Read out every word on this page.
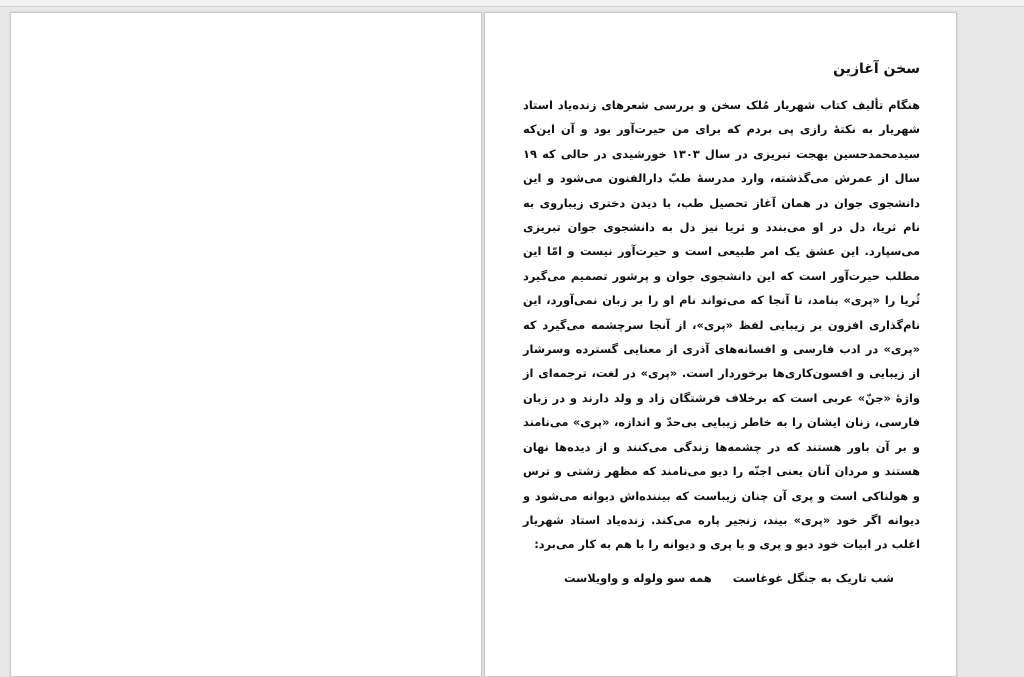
سخن آغازین

هنگام تألیف کتاب شهریار مُلک سخن و بررسی شعرهای زنده‌یاد استاد شهریار به نکتهٔ رازی پی بردم که برای من حیرت‌آور بود و آن این‌که سیدمحمدحسین بهجت تبریزی در سال ۱۳۰۳ خورشیدی در حالی که ۱۹ سال از عمرش می‌گذشته، وارد مدرسهٔ طبّ دارالفنون می‌شود و این دانشجوی جوان در همان آغاز تحصیل طب، با دیدن دختری زیباروی به نام ثریا، دل در او می‌بندد و ثریا نیز دل به دانشجوی جوان تبریزی می‌سپارد. این عشق یک امر طبیعی است و حیرت‌آور نیست و امّا این مطلب حیرت‌آور است که این دانشجوی جوان و پرشور تصمیم می‌گیرد ثُریا را «پری» بنامد، تا آنجا که می‌تواند نام او را بر زبان نمی‌آورد، این نام‌گذاری افزون بر زیبایی لفظ «پری»، از آنجا سرچشمه می‌گیرد که «پری» در ادب فارسی و افسانه‌های آذری از معنایی گسترده وسرشار از زیبایی و افسون‌کاری‌ها برخوردار است. «پری» در لغت، ترجمه‌ای از واژهٔ «جنّ» عربی است که برخلاف فرشتگان زاد و ولد دارند و در زبان فارسی، زنان ایشان را به خاطر زیبایی بی‌حدّ و اندازه، «پری» می‌نامند و بر آن باور هستند که در چشمه‌ها زندگی می‌کنند و از دیده‌ها نهان هستند و مردان آنان یعنی اجنّه را دیو می‌نامند که مظهر زشتی و ترس و هولناکی است و پری آن چنان زیباست که بیننده‌اش دیوانه می‌شود و دیوانه اگر خود «پری» بیند، زنجیر پاره می‌کند. زنده‌یاد استاد شهریار اغلب در ابیات خود دیو و پری و یا پری و دیوانه را با هم به کار می‌برد:

شب تاریک به جنگل غوغاست
همه سو ولوله و واویلاست
